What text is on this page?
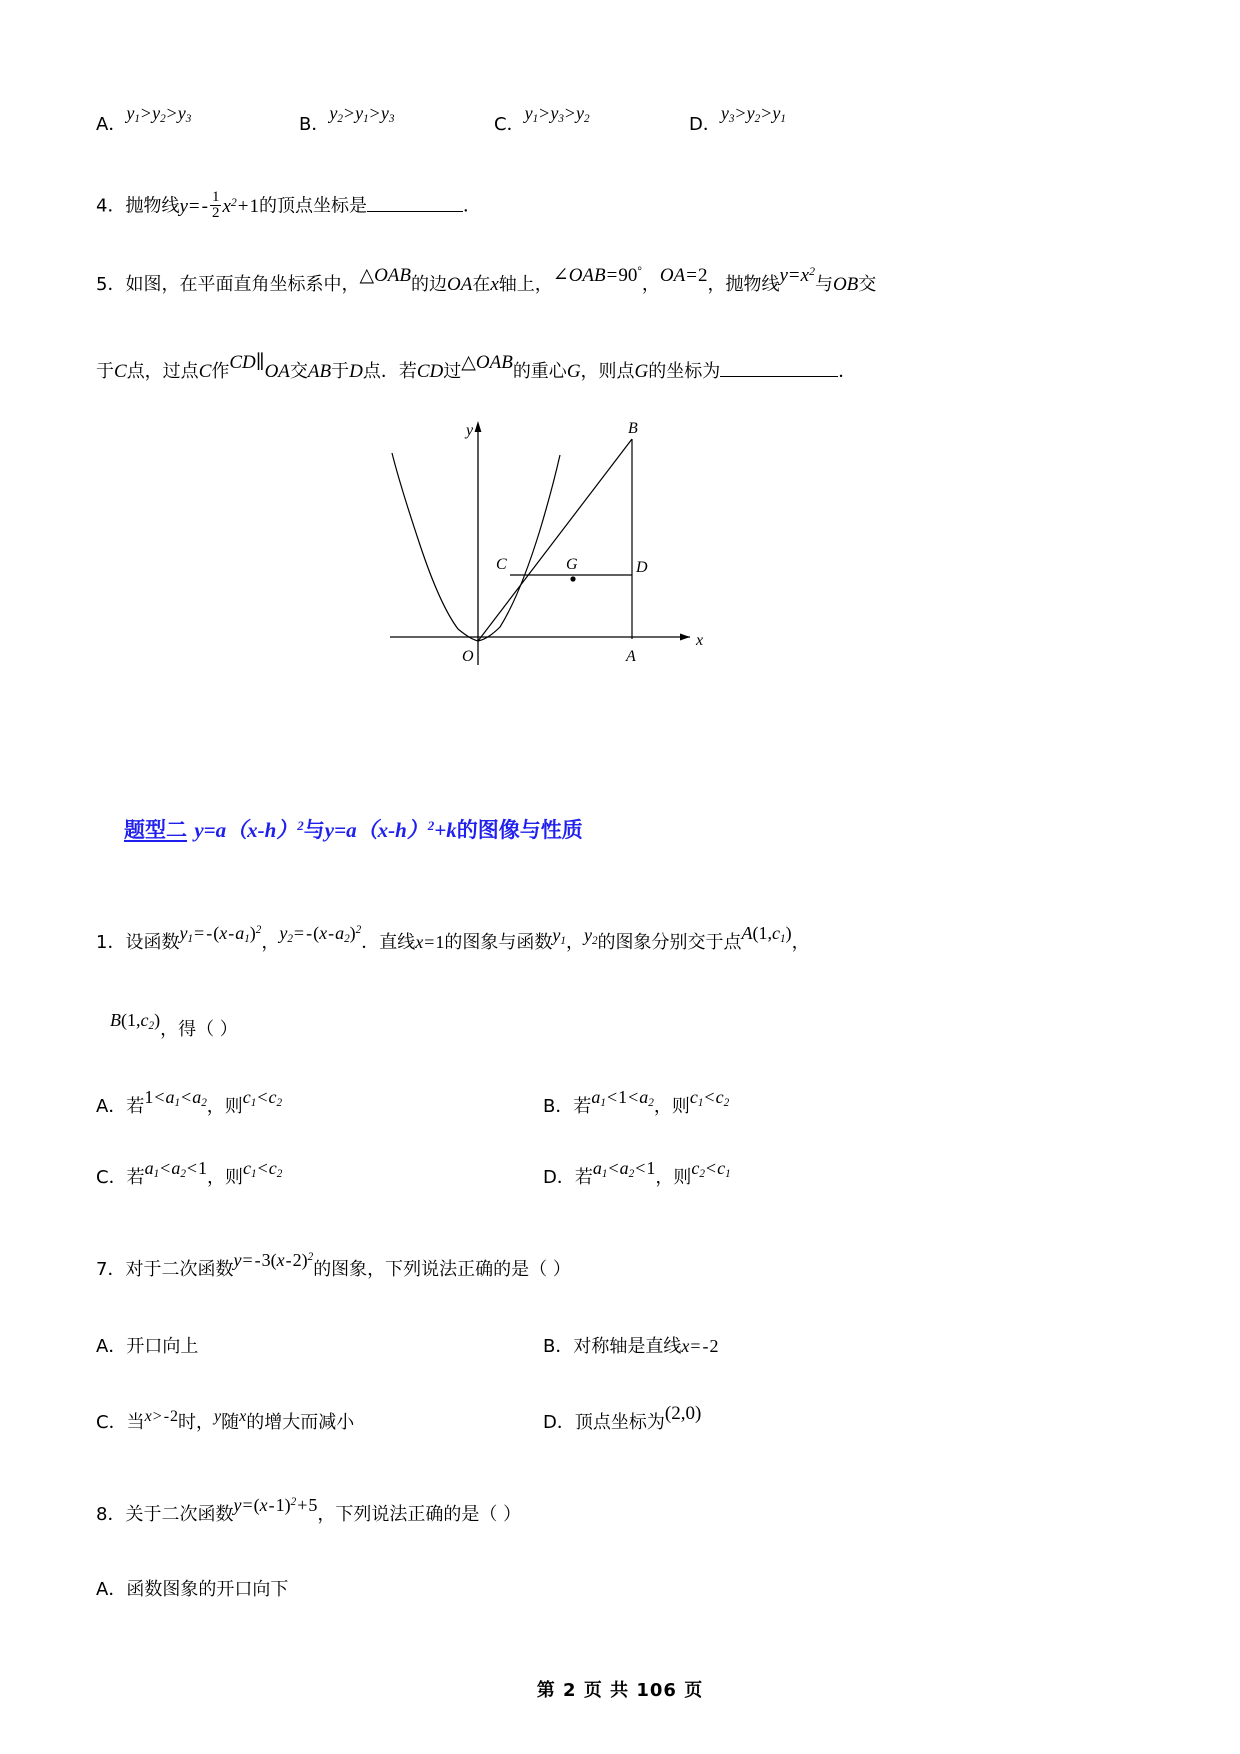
A．$y_1>y_2>y_3$	B．$y_2>y_1>y_3$	C．$y_1>y_3>y_2$	D．$y_3>y_2>y_1$
4．抛物线$y= - \frac{1}{2} x^2+1$的顶点坐标是	．
5．如图，在平面直角坐标系中，△OAB的边OA在x轴上，∠OAB=90°，OA=2，抛物线$y=x^2$与OB交
于C点，过点C作CD∥OA交AB于D点．若CD过△OAB的重心G，则点G的坐标为	．
y
x
O	A
B
C	D
G
题型二 $y=a(x-h)^2$与$y=a(x-h)^2+k$的图像与性质
1．设函数$y_1= -(x-a_1)^2$，$y_2= -(x-a_2)^2$．直线x=1的图象与函数$y_1$，$y_2$的图象分别交于点$A(1,c_1)$，
$B(1,c_2)$，得（ ）
A．若$1<a_1<a_2$，则$c_1<c_2$	B．若$a_1<1<a_2$，则$c_1<c_2$
C．若$a_1<a_2<1$，则$c_1<c_2$	D．若$a_1<a_2<1$，则$c_2<c_1$
7．对于二次函数$y= -3(x-2)^2$的图象，下列说法正确的是（ ）
A．开口向上	B．对称轴是直线x= -2
C．当x> -2时，y随x的增大而减小	D．顶点坐标为(2,0)
8．关于二次函数$y=(x-1)^2+5$，下列说法正确的是（ ）
A．函数图象的开口向下
第 2 页 共 106 页
